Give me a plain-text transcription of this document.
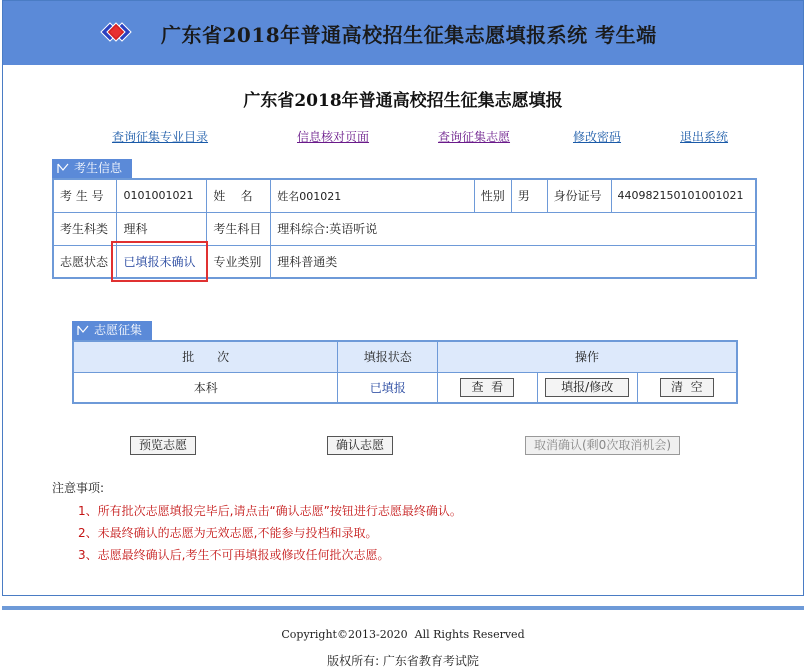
广东省2018年普通高校招生征集志愿填报系统 考生端
广东省2018年普通高校招生征集志愿填报
查询征集专业目录	信息核对页面	查询征集志愿	修改密码	退出系统
考生信息
考 生 号	0101001021	姓    名	姓名001021	性别	男	身份证号	440982150101001021
考生科类	理科	考生科目	理科综合:英语听说				
志愿状态	已填报未确认	专业类别	理科普通类				
志愿征集
批      次	填报状态	操作		
本科	已填报	查  看	填报/修改	清  空
预览志愿	确认志愿	取消确认(剩0次取消机会)
注意事项:
1、所有批次志愿填报完毕后,请点击“确认志愿”按钮进行志愿最终确认。
2、未最终确认的志愿为无效志愿,不能参与投档和录取。
3、志愿最终确认后,考生不可再填报或修改任何批次志愿。
Copyright©2013-2020  All Rights Reserved
版权所有: 广东省教育考试院
